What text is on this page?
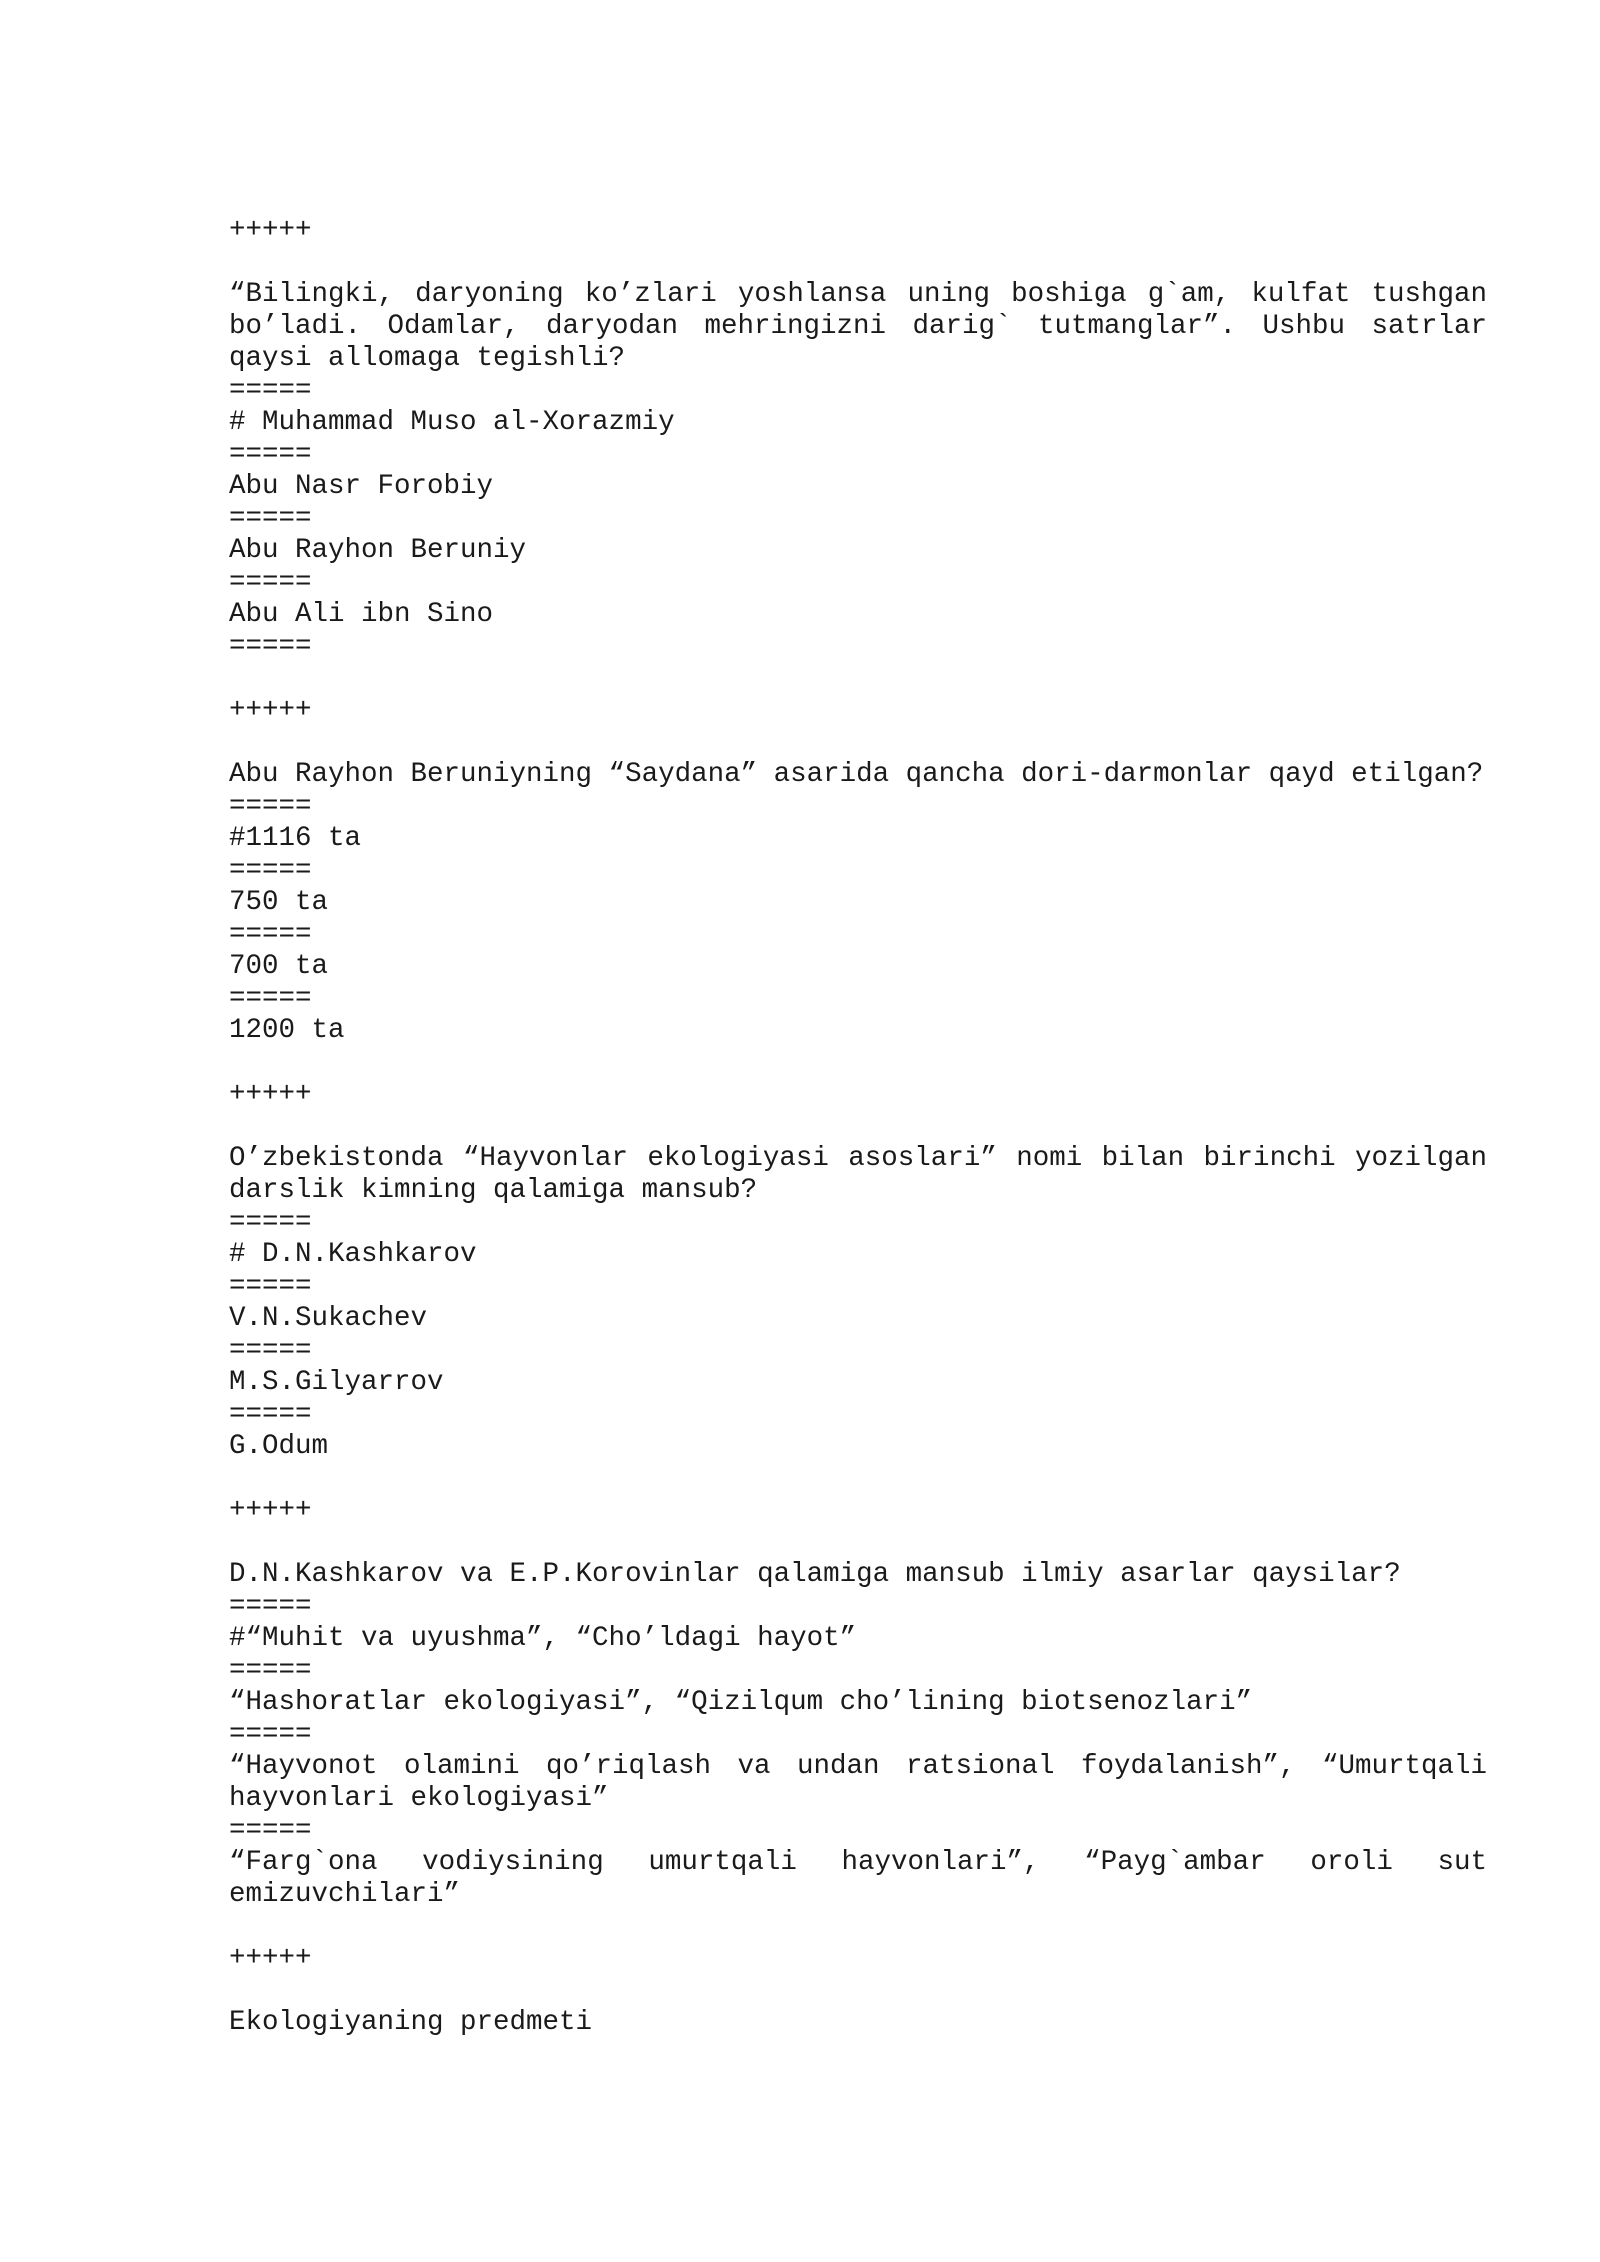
+++++
“Bilingki, daryoning ko’zlari yoshlansa uning boshiga g`am, kulfat tushgan bo’ladi. Odamlar, daryodan mehringizni darig` tutmanglar”. Ushbu satrlar qaysi allomaga tegishli?
=====
# Muhammad Muso al-Xorazmiy
=====
Abu Nasr Forobiy
=====
Abu Rayhon Beruniy
=====
Abu Ali ibn Sino
=====
+++++
Abu Rayhon Beruniyning “Saydana” asarida qancha dori-darmonlar qayd etilgan?
=====
#1116 ta
=====
750 ta
=====
700 ta
=====
1200 ta
+++++
O’zbekistonda “Hayvonlar ekologiyasi asoslari” nomi bilan birinchi yozilgan darslik kimning qalamiga mansub?
=====
# D.N.Kashkarov
=====
V.N.Sukachev
=====
M.S.Gilyarrov
=====
G.Odum
+++++
D.N.Kashkarov va E.P.Korovinlar qalamiga mansub ilmiy asarlar qaysilar?
=====
#“Muhit va uyushma”, “Cho’ldagi hayot”
=====
“Hashoratlar ekologiyasi”, “Qizilqum cho’lining biotsenozlari”
=====
“Hayvonot olamini qo’riqlash va undan ratsional foydalanish”, “Umurtqali hayvonlari ekologiyasi”
=====
“Farg`ona vodiysining umurtqali hayvonlari”, “Payg`ambar oroli sut emizuvchilari”
+++++
Ekologiyaning predmeti
